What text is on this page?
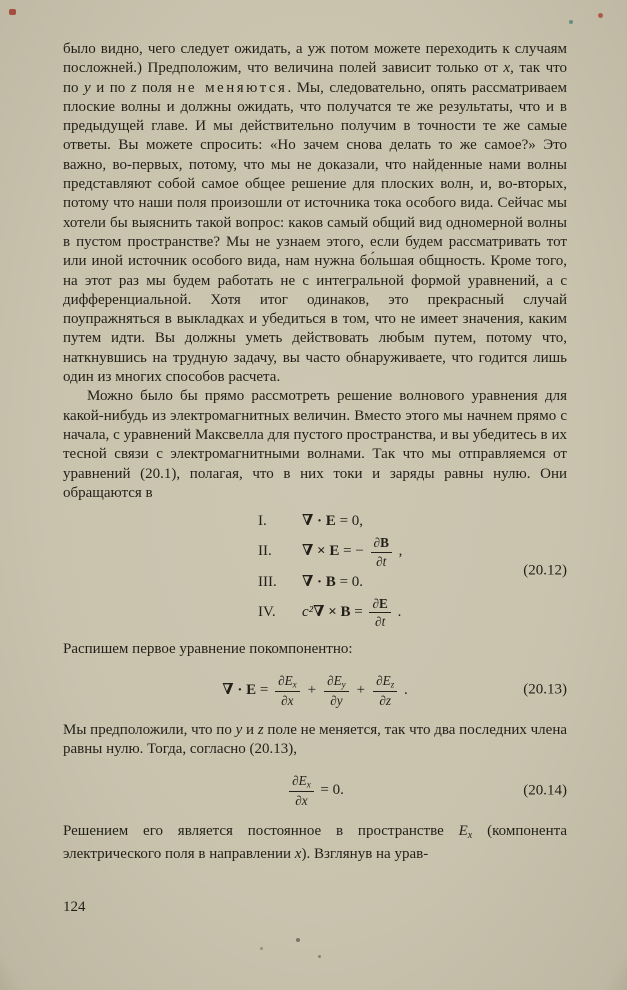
было видно, чего следует ожидать, а уж потом можете переходить к случаям посложней.) Предположим, что величина полей зависит только от x, так что по y и по z поля не меняются. Мы, следовательно, опять рассматриваем плоские волны и должны ожидать, что получатся те же результаты, что и в предыдущей главе. И мы действительно получим в точности те же самые ответы. Вы можете спросить: «Но зачем снова делать то же самое?» Это важно, во-первых, потому, что мы не доказали, что найденные нами волны представляют собой самое общее решение для плоских волн, и, во-вторых, потому что наши поля произошли от источника тока особого вида. Сейчас мы хотели бы выяснить такой вопрос: каков самый общий вид одномерной волны в пустом пространстве? Мы не узнаем этого, если будем рассматривать тот или иной источник особого вида, нам нужна бо́льшая общность. Кроме того, на этот раз мы будем работать не с интегральной формой уравнений, а с дифференциальной. Хотя итог одинаков, это прекрасный случай поупражняться в выкладках и убедиться в том, что не имеет значения, каким путем идти. Вы должны уметь действовать любым путем, потому что, наткнувшись на трудную задачу, вы часто обнаруживаете, что годится лишь один из многих способов расчета.

Можно было бы прямо рассмотреть решение волнового уравнения для какой-нибудь из электромагнитных величин. Вместо этого мы начнем прямо с начала, с уравнений Максвелла для пустого пространства, и вы убедитесь в их тесной связи с электромагнитными волнами. Так что мы отправляемся от уравнений (20.1), полагая, что в них токи и заряды равны нулю. Они обращаются в

I.	∇ · E = 0,
II.	∇ × E = − $\frac{\partial B}{\partial t}$ ,
III.	∇ · B = 0.
IV.	c² ∇ × $B = \frac{\partial E}{\partial t}$ .
(20.12)

Распишем первое уравнение покомпонентно:

∇ · $E = \frac{\partial E_x}{\partial x} + \frac{\partial E_y}{\partial y} + \frac{\partial E_z}{\partial z}$ .	(20.13)

Мы предположили, что по y и z поле не меняется, так что два последних члена равны нулю. Тогда, согласно (20.13),

$\frac{\partial E_x}{\partial x} = 0$.	(20.14)

Решением его является постоянное в пространстве $E_x$ (компонента электрического поля в направлении x). Взглянув на урав-

124
